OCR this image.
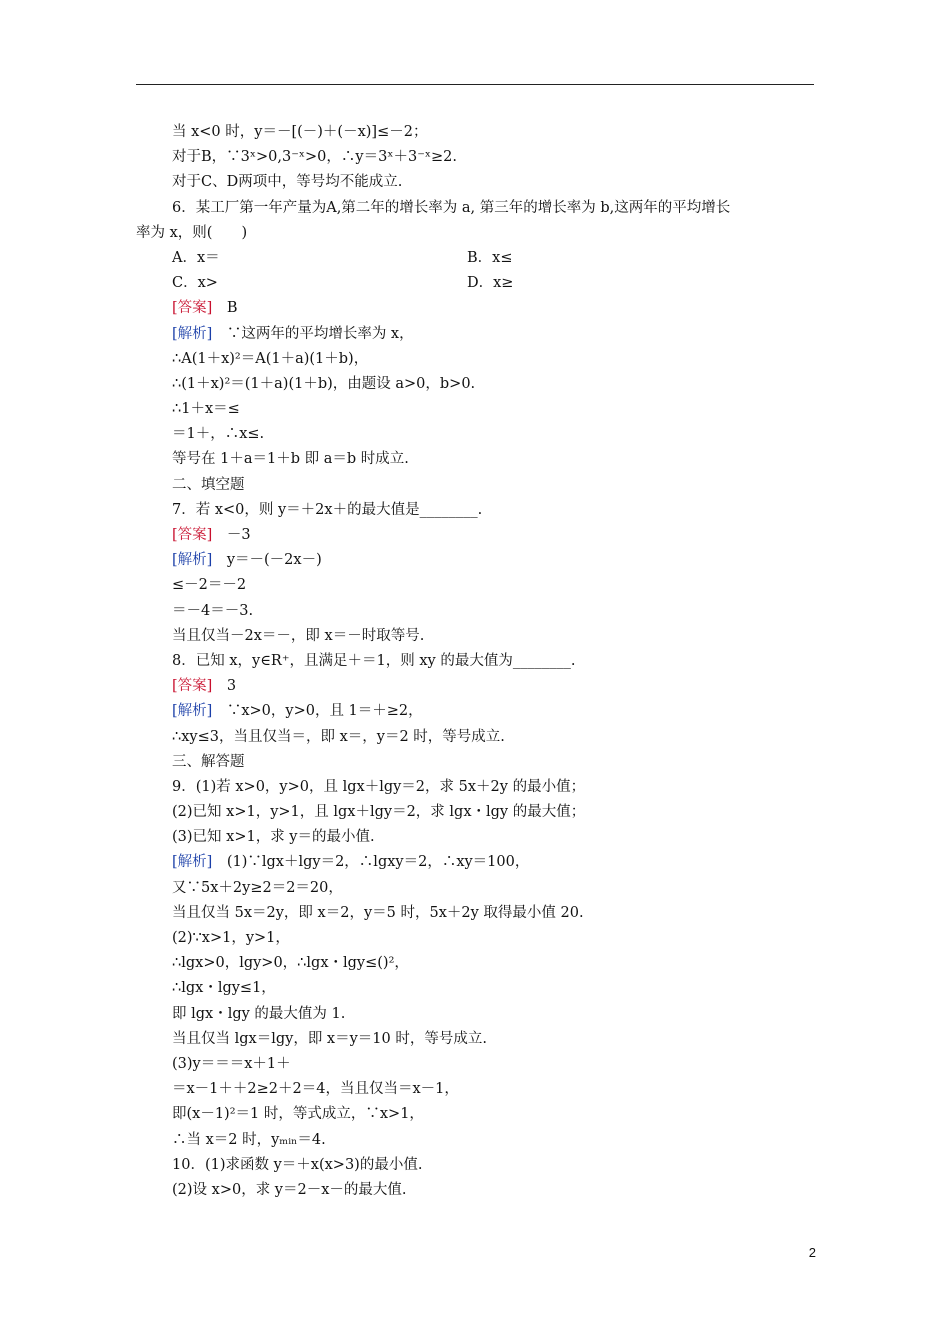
当 x<0 时，y＝－[(－)＋(－x)]≤－2；
对于B，∵3ˣ>0,3⁻ˣ>0，∴y＝3ˣ＋3⁻ˣ≥2.
对于C、D两项中，等号均不能成立.
6．某工厂第一年产量为A,第二年的增长率为 a, 第三年的增长率为 b,这两年的平均增长
率为 x，则(　　)
A．x＝	B．x≤
C．x>	D．x≥
[答案]　B
[解析]　∵这两年的平均增长率为 x，
∴A(1＋x)²＝A(1＋a)(1＋b)，
∴(1＋x)²＝(1＋a)(1＋b)，由题设 a>0，b>0.
∴1＋x＝≤
＝1＋，∴x≤.
等号在 1＋a＝1＋b 即 a＝b 时成立.
二、填空题
7．若 x<0，则 y＝＋2x＋的最大值是________.
[答案]　－3
[解析]　y＝－(－2x－)
≤－2＝－2
＝－4＝－3.
当且仅当－2x＝－，即 x＝－时取等号.
8．已知 x，y∈R⁺，且满足＋＝1，则 xy 的最大值为________.
[答案]　3
[解析]　∵x>0，y>0，且 1＝＋≥2，
∴xy≤3，当且仅当＝，即 x＝，y＝2 时，等号成立.
三、解答题
9．(1)若 x>0，y>0，且 lgx＋lgy＝2，求 5x＋2y 的最小值；
(2)已知 x>1，y>1，且 lgx＋lgy＝2，求 lgx・lgy 的最大值；
(3)已知 x>1，求 y＝的最小值.
[解析]　(1)∵lgx＋lgy＝2，∴lgxy＝2，∴xy＝100，
又∵5x＋2y≥2＝2＝20，
当且仅当 5x＝2y，即 x＝2，y＝5 时，5x＋2y 取得最小值 20.
(2)∵x>1，y>1，
∴lgx>0，lgy>0，∴lgx・lgy≤()²，
∴lgx・lgy≤1，
即 lgx・lgy 的最大值为 1.
当且仅当 lgx＝lgy，即 x＝y＝10 时，等号成立.
(3)y＝＝＝x＋1＋
＝x－1＋＋2≥2＋2＝4，当且仅当＝x－1，
即(x－1)²＝1 时，等式成立，∵x>1，
∴当 x＝2 时，yₘᵢₙ＝4.
10．(1)求函数 y＝＋x(x>3)的最小值.
(2)设 x>0，求 y＝2－x－的最大值.
2
